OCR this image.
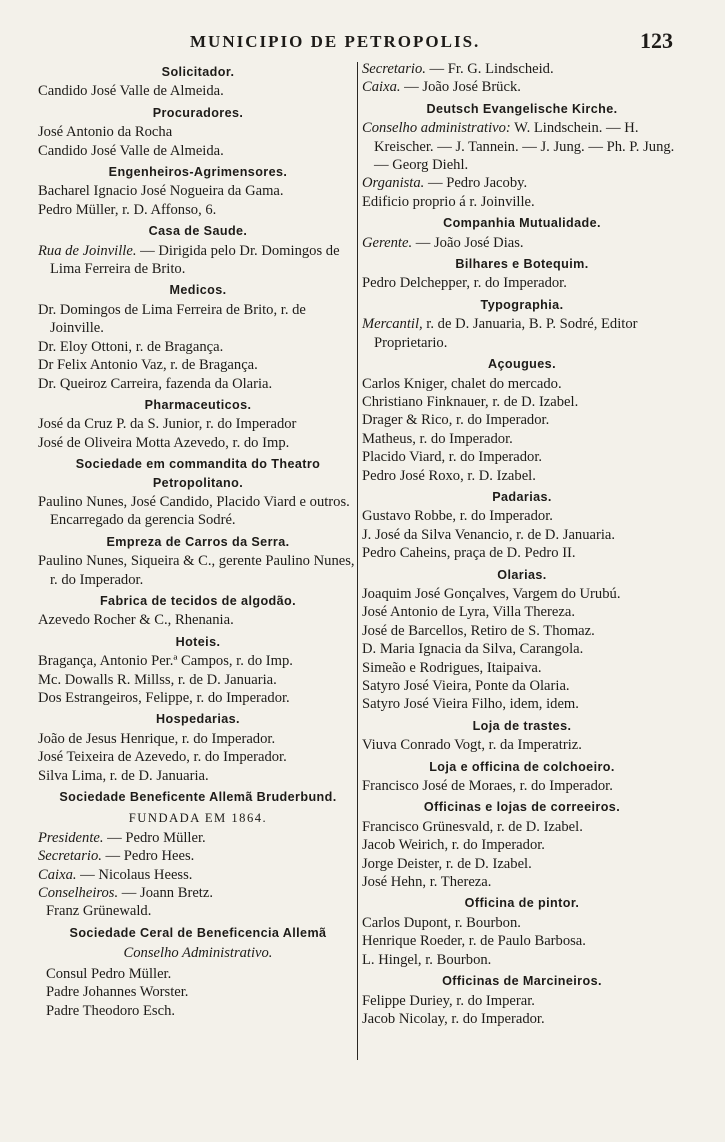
MUNICIPIO DE PETROPOLIS.	123
Solicitador.
Candido José Valle de Almeida.
Procuradores.
José Antonio da Rocha
Candido José Valle de Almeida.
Engenheiros-Agrimensores.
Bacharel Ignacio José Nogueira da Gama.
Pedro Müller, r. D. Affonso, 6.
Casa de Saude.
Rua de Joinville. — Dirigida pelo Dr. Domingos de Lima Ferreira de Brito.
Medicos.
Dr. Domingos de Lima Ferreira de Brito, r. de Joinville.
Dr. Eloy Ottoni, r. de Bragança.
Dr Felix Antonio Vaz, r. de Bragança.
Dr. Queiroz Carreira, fazenda da Olaria.
Pharmaceuticos.
José da Cruz P. da S. Junior, r. do Imperador
José de Oliveira Motta Azevedo, r. do Imp.
Sociedade em commandita do Theatro Petropolitano.
Paulino Nunes, José Candido, Placido Viard e outros. Encarregado da gerencia Sodré.
Empreza de Carros da Serra.
Paulino Nunes, Siqueira & C., gerente Paulino Nunes, r. do Imperador.
Fabrica de tecidos de algodão.
Azevedo Rocher & C., Rhenania.
Hoteis.
Bragança, Antonio Per.ª Campos, r. do Imp.
Mc. Dowalls R. Millss, r. de D. Januaria.
Dos Estrangeiros, Felippe, r. do Imperador.
Hospedarias.
João de Jesus Henrique, r. do Imperador.
José Teixeira de Azevedo, r. do Imperador.
Silva Lima, r. de D. Januaria.
Sociedade Beneficente Allemã Bruderbund.
FUNDADA EM 1864.
Presidente. — Pedro Müller.
Secretario. — Pedro Hees.
Caixa. — Nicolaus Heess.
Conselheiros. — Joann Bretz.
Franz Grünewald.
Sociedade Ceral de Beneficencia Allemã
Conselho Administrativo.
Consul Pedro Müller.
Padre Johannes Worster.
Padre Theodoro Esch.
Secretario. — Fr. G. Lindscheid.
Caixa. — João José Brück.
Deutsch Evangelische Kirche.
Conselho administrativo: W. Lindschein. — H. Kreischer. — J. Tannein. — J. Jung. — Ph. P. Jung. — Georg Diehl.
Organista. — Pedro Jacoby.
Edificio proprio á r. Joinville.
Companhia Mutualidade.
Gerente. — João José Dias.
Bilhares e Botequim.
Pedro Delchepper, r. do Imperador.
Typographia.
Mercantil, r. de D. Januaria, B. P. Sodré, Editor Proprietario.
Açougues.
Carlos Kniger, chalet do mercado.
Christiano Finknauer, r. de D. Izabel.
Drager & Rico, r. do Imperador.
Matheus, r. do Imperador.
Placido Viard, r. do Imperador.
Pedro José Roxo, r. D. Izabel.
Padarias.
Gustavo Robbe, r. do Imperador.
J. José da Silva Venancio, r. de D. Januaria.
Pedro Caheins, praça de D. Pedro II.
Olarias.
Joaquim José Gonçalves, Vargem do Urubú.
José Antonio de Lyra, Villa Thereza.
José de Barcellos, Retiro de S. Thomaz.
D. Maria Ignacia da Silva, Carangola.
Simeão e Rodrigues, Itaipaiva.
Satyro José Vieira, Ponte da Olaria.
Satyro José Vieira Filho, idem, idem.
Loja de trastes.
Viuva Conrado Vogt, r. da Imperatriz.
Loja e officina de colchoeiro.
Francisco José de Moraes, r. do Imperador.
Officinas e lojas de correeiros.
Francisco Grünesvald, r. de D. Izabel.
Jacob Weirich, r. do Imperador.
Jorge Deister, r. de D. Izabel.
José Hehn, r. Thereza.
Officina de pintor.
Carlos Dupont, r. Bourbon.
Henrique Roeder, r. de Paulo Barbosa.
L. Hingel, r. Bourbon.
Officinas de Marcineiros.
Felippe Duriey, r. do Imperar.
Jacob Nicolay, r. do Imperador.
